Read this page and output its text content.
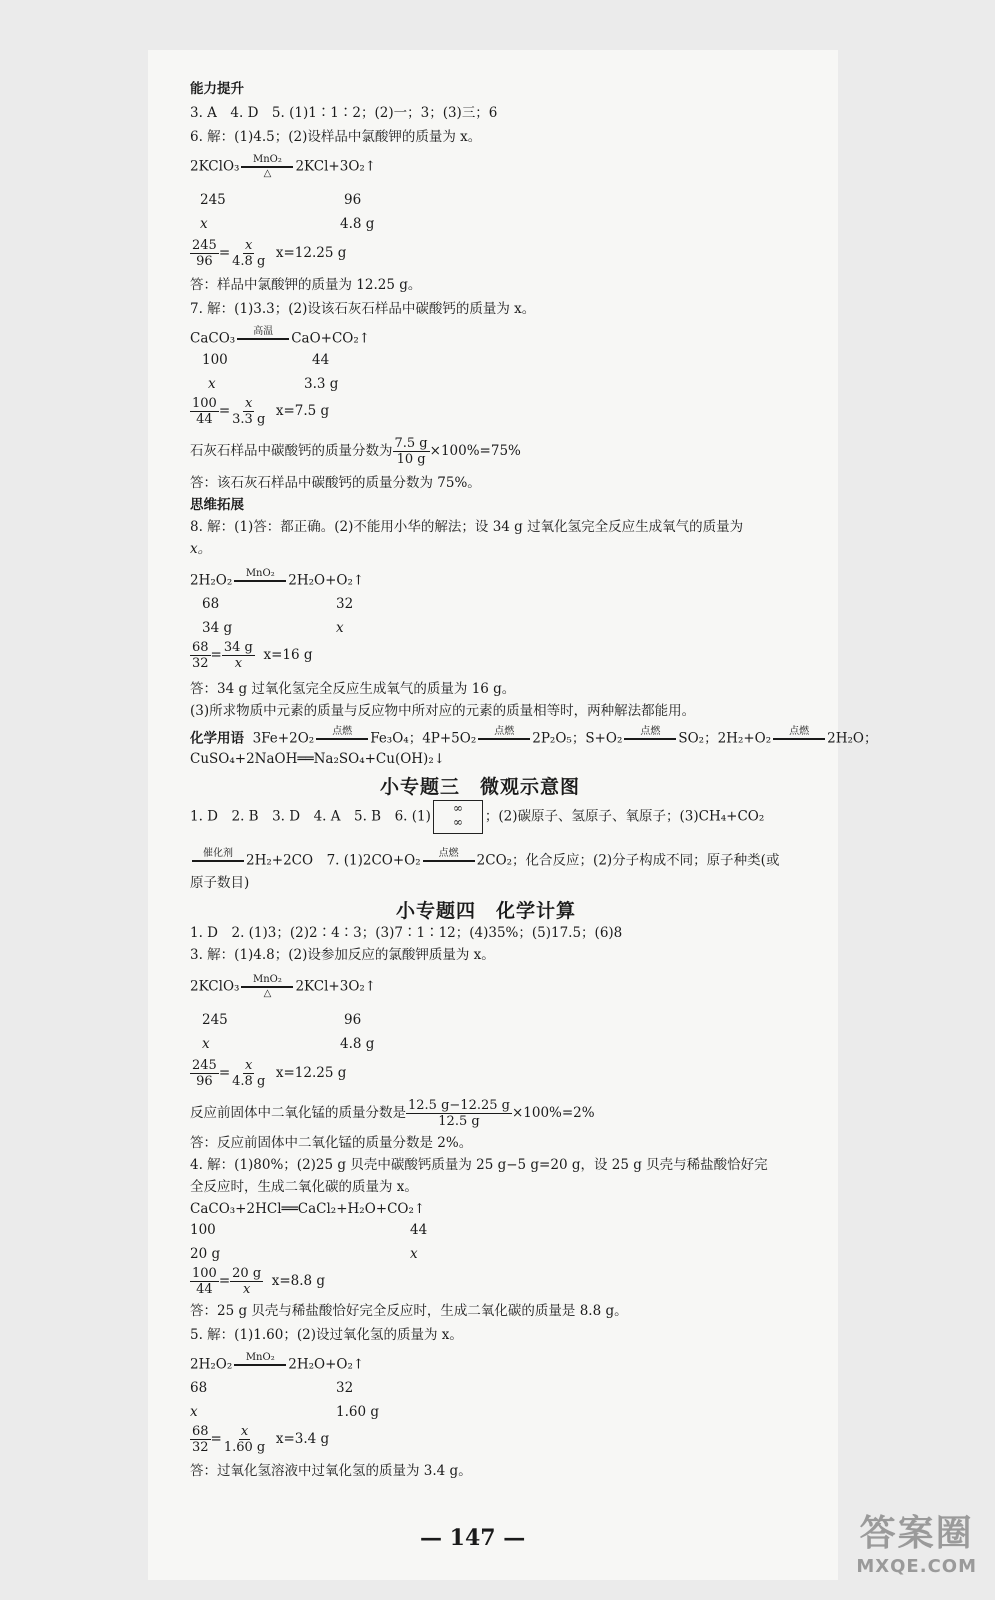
能力提升
3. A　4. D　5. (1)1∶1∶2；(2)一；3；(3)三；6
6. 解：(1)4.5；(2)设样品中氯酸钾的质量为 x。
2KClO₃	MnO₂
△ 2KCl+3O₂↑
245	96
x	4.8 g
$\frac{245}{96} = \frac{x}{4.8 g} x=12.25$ g
答：样品中氯酸钾的质量为 12.25 g。
7. 解：(1)3.3；(2)设该石灰石样品中碳酸钙的质量为 x。
CaCO₃	高温	CaO+CO₂↑
100	44
x	3.3 g
$\frac{100}{44} = \frac{x}{3.3 g} x=7.5$ g
石灰石样品中碳酸钙的质量分数为 $\frac{7.5 g}{10 g} \times 100\%=75\%$
答：该石灰石样品中碳酸钙的质量分数为 75%。
思维拓展
8. 解：(1)答：都正确。(2)不能用小华的解法；设 34 g 过氧化氢完全反应生成氧气的质量为
x。
2H₂O₂	MnO₂	2H₂O+O₂↑
68	32
34 g	x
$\frac{68}{32} = \frac{34 g}{x} x=16$ g
答：34 g 过氧化氢完全反应生成氧气的质量为 16 g。
(3)所求物质中元素的质量与反应物中所对应的元素的质量相等时，两种解法都能用。
化学用语 3Fe+2O₂	点燃	Fe₃O₄；4P+5O₂	点燃	2P₂O₅；S+O₂	点燃	SO₂；2H₂+O₂	点燃	2H₂O；
CuSO₄+2NaOH══Na₂SO₄+Cu(OH)₂↓
小专题三　微观示意图
1. D　2. B　3. D　4. A　5. B　6. (1)
∞
∞	；(2)碳原子、氢原子、氧原子；(3)CH₄+CO₂
催化剂 2H₂+2CO　7. (1)2CO+O₂	点燃	2CO₂；化合反应；(2)分子构成不同；原子种类(或
原子数目)
小专题四　化学计算
1. D　2. (1)3；(2)2∶4∶3；(3)7∶1∶12；(4)35%；(5)17.5；(6)8
3. 解：(1)4.8；(2)设参加反应的氯酸钾质量为 x。
2KClO₃	MnO₂
△ 2KCl+3O₂↑
245	96
x	4.8 g
$\frac{245}{96} = \frac{x}{4.8 g} x=12.25$ g
反应前固体中二氧化锰的质量分数是 $\frac{12.5 g-12.25 g}{12.5 g} \times 100\%=2\%$
答：反应前固体中二氧化锰的质量分数是 2%。
4. 解：(1)80%；(2)25 g 贝壳中碳酸钙质量为 25 g−5 g=20 g，设 25 g 贝壳与稀盐酸恰好完
全反应时，生成二氧化碳的质量为 x。
CaCO₃+2HCl══CaCl₂+H₂O+CO₂↑
100	44
20 g	x
$\frac{100}{44} = \frac{20 g}{x} x=8.8$ g
答：25 g 贝壳与稀盐酸恰好完全反应时，生成二氧化碳的质量是 8.8 g。
5. 解：(1)1.60；(2)设过氧化氢的质量为 x。
2H₂O₂	MnO₂	2H₂O+O₂↑
68	32
x	1.60 g
$\frac{68}{32} = \frac{x}{1.60 g} x=3.4$ g
答：过氧化氢溶液中过氧化氢的质量为 3.4 g。
— 147 —	答案圈
MXQE.COM
